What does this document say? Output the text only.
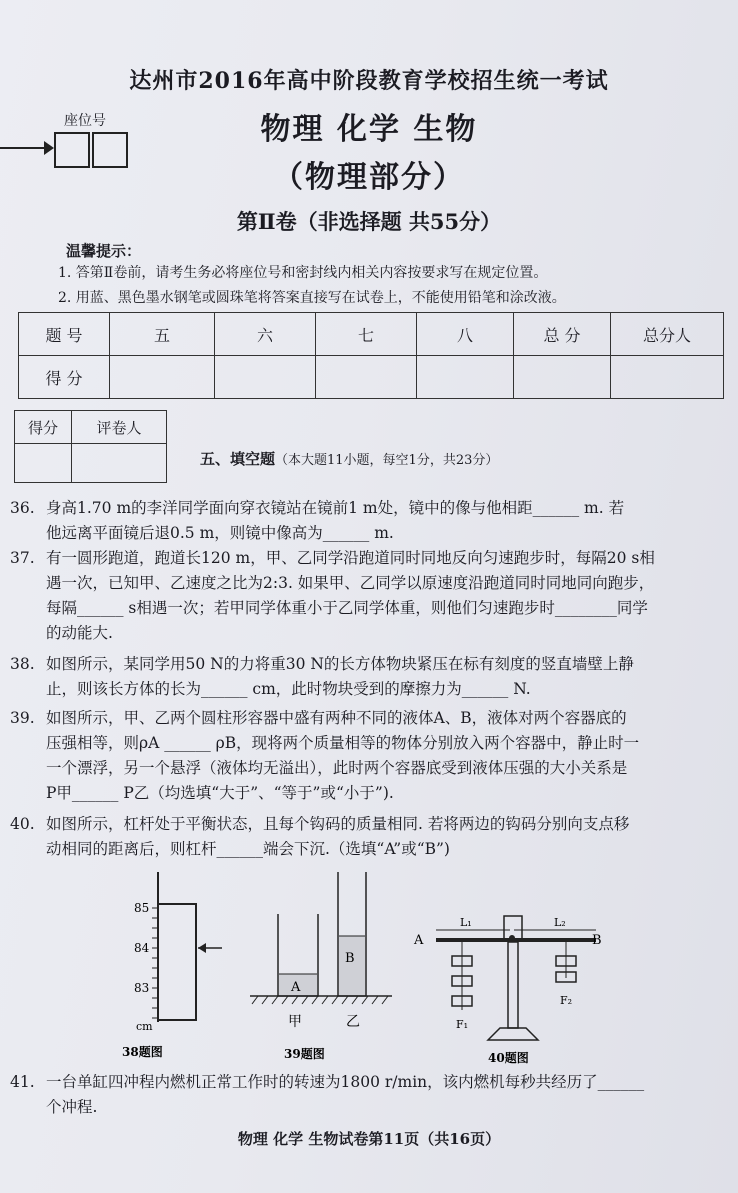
达州市2016年高中阶段教育学校招生统一考试
物理 化学 生物
（物理部分）
第Ⅱ卷（非选择题 共55分）
座位号
温馨提示：
1. 答第Ⅱ卷前，请考生务必将座位号和密封线内相关内容按要求写在规定位置。
2. 用蓝、黑色墨水钢笔或圆珠笔将答案直接写在试卷上，不能使用铅笔和涂改液。
题 号	五	六	七	八	总 分	总分人
得 分						
得分	评卷人

五、填空题（本大题11小题，每空1分，共23分）
36. 身高1.70 m的李洋同学面向穿衣镜站在镜前1 m处，镜中的像与他相距______ m. 若
他远离平面镜后退0.5 m，则镜中像高为______ m.
37. 有一圆形跑道，跑道长120 m，甲、乙同学沿跑道同时同地反向匀速跑步时，每隔20 s相
遇一次，已知甲、乙速度之比为2:3. 如果甲、乙同学以原速度沿跑道同时同地同向跑步，
每隔______ s相遇一次；若甲同学体重小于乙同学体重，则他们匀速跑步时________同学
的动能大.
38. 如图所示，某同学用50 N的力将重30 N的长方体物块紧压在标有刻度的竖直墙壁上静
止，则该长方体的长为______ cm，此时物块受到的摩擦力为______ N.
39. 如图所示，甲、乙两个圆柱形容器中盛有两种不同的液体A、B，液体对两个容器底的
压强相等，则ρA ______ ρB，现将两个质量相等的物体分别放入两个容器中，静止时一
一个漂浮，另一个悬浮（液体均无溢出），此时两个容器底受到液体压强的大小关系是
P甲______ P乙（均选填“大于”、“等于”或“小于”).
40. 如图所示，杠杆处于平衡状态，且每个钩码的质量相同. 若将两边的钩码分别向支点移
动相同的距离后，则杠杆______端会下沉.（选填“A”或“B”)
85
84
83
cm
38题图
A
B
甲	乙
39题图
A	B
L₁	L₂
F₁
F₂
40题图
41. 一台单缸四冲程内燃机正常工作时的转速为1800 r/min，该内燃机每秒共经历了______
个冲程.
物理 化学 生物试卷第11页（共16页）
